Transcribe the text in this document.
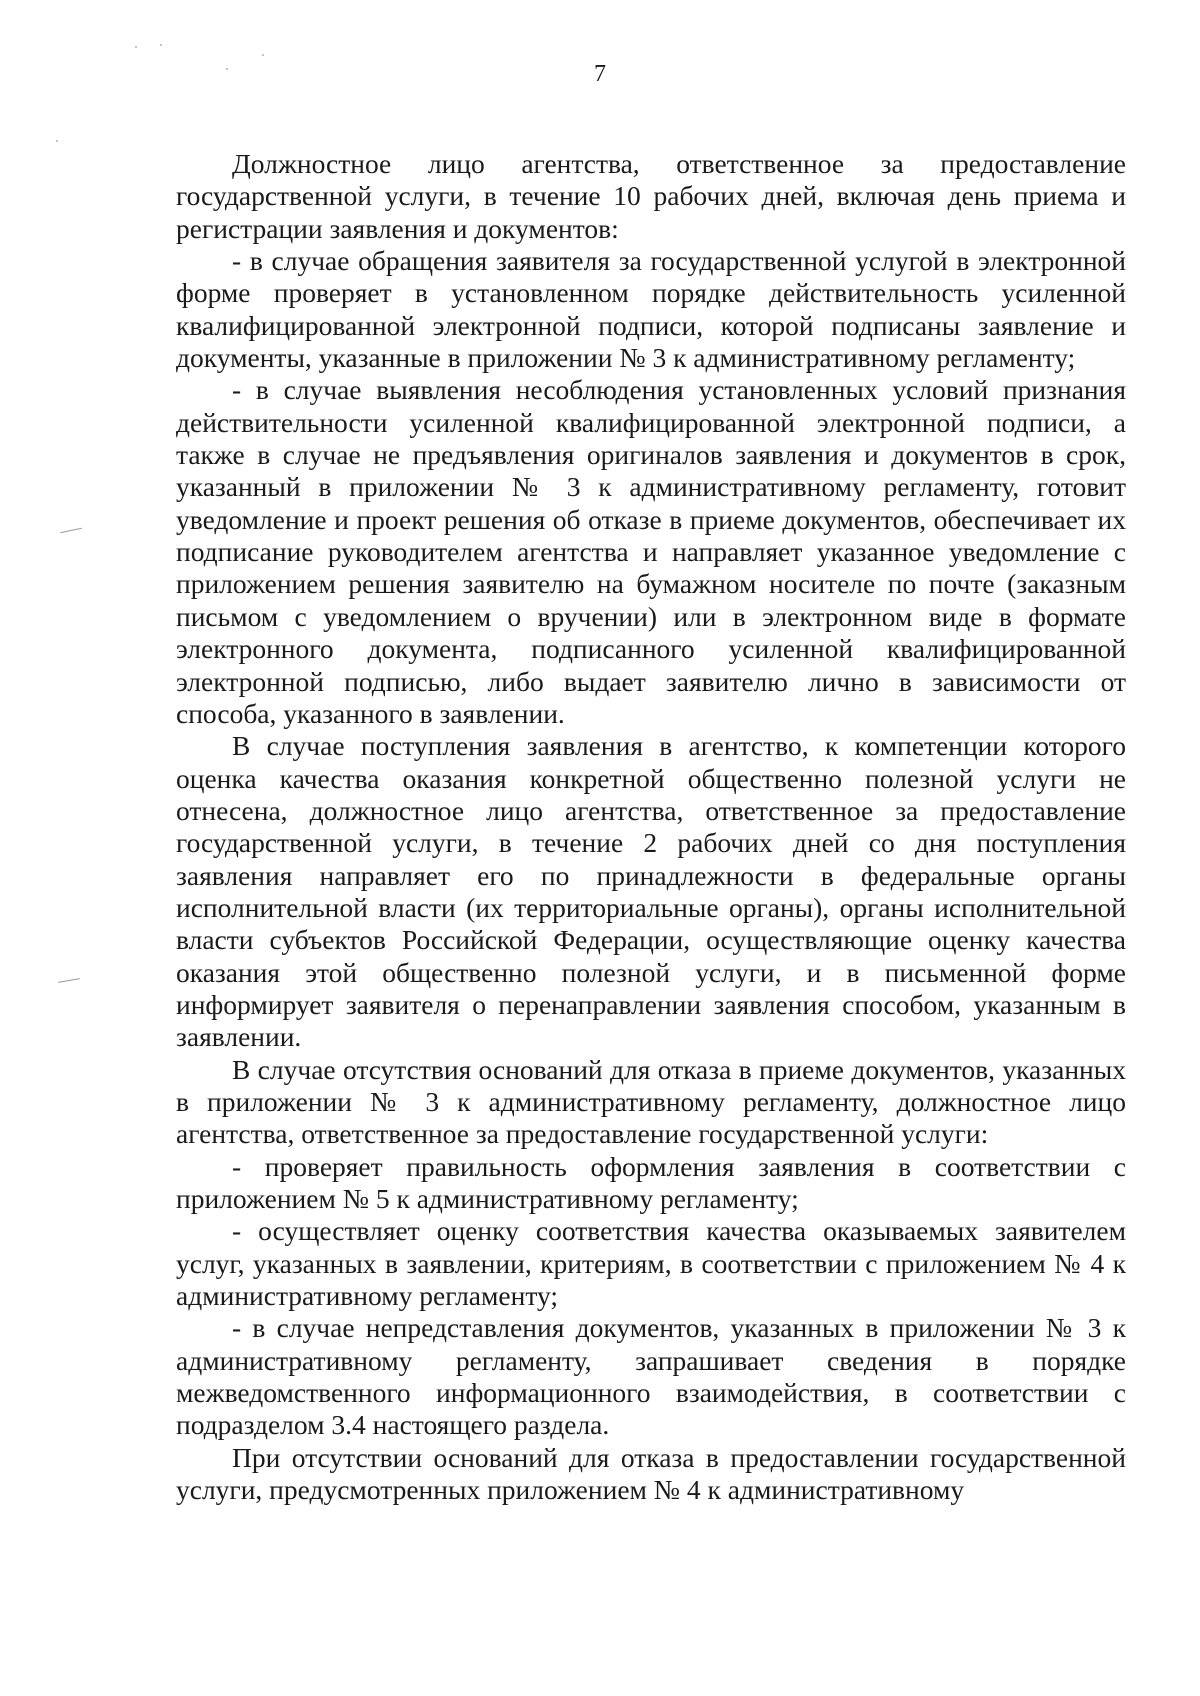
7

Должностное лицо агентства, ответственное за предоставление государственной услуги, в течение 10 рабочих дней, включая день приема и регистрации заявления и документов:

- в случае обращения заявителя за государственной услугой в электронной форме проверяет в установленном порядке действительность усиленной квалифицированной электронной подписи, которой подписаны заявление и документы, указанные в приложении № 3 к административному регламенту;

- в случае выявления несоблюдения установленных условий признания действительности усиленной квалифицированной электронной подписи, а также в случае не предъявления оригиналов заявления и документов в срок, указанный в приложении № 3 к административному регламенту, готовит уведомление и проект решения об отказе в приеме документов, обеспечивает их подписание руководителем агентства и направляет указанное уведомление с приложением решения заявителю на бумажном носителе по почте (заказным письмом с уведомлением о вручении) или в электронном виде в формате электронного документа, подписанного усиленной квалифицированной электронной подписью, либо выдает заявителю лично в зависимости от способа, указанного в заявлении.

В случае поступления заявления в агентство, к компетенции которого оценка качества оказания конкретной общественно полезной услуги не отнесена, должностное лицо агентства, ответственное за предоставление государственной услуги, в течение 2 рабочих дней со дня поступления заявления направляет его по принадлежности в федеральные органы исполнительной власти (их территориальные органы), органы исполнительной власти субъектов Российской Федерации, осуществляющие оценку качества оказания этой общественно полезной услуги, и в письменной форме информирует заявителя о перенаправлении заявления способом, указанным в заявлении.

В случае отсутствия оснований для отказа в приеме документов, указанных в приложении № 3 к административному регламенту, должностное лицо агентства, ответственное за предоставление государственной услуги:

- проверяет правильность оформления заявления в соответствии с приложением № 5 к административному регламенту;

- осуществляет оценку соответствия качества оказываемых заявителем услуг, указанных в заявлении, критериям, в соответствии с приложением № 4 к административному регламенту;

- в случае непредставления документов, указанных в приложении № 3 к административному регламенту, запрашивает сведения в порядке межведомственного информационного взаимодействия, в соответствии с подразделом 3.4 настоящего раздела.

При отсутствии оснований для отказа в предоставлении государственной услуги, предусмотренных приложением № 4 к административному
